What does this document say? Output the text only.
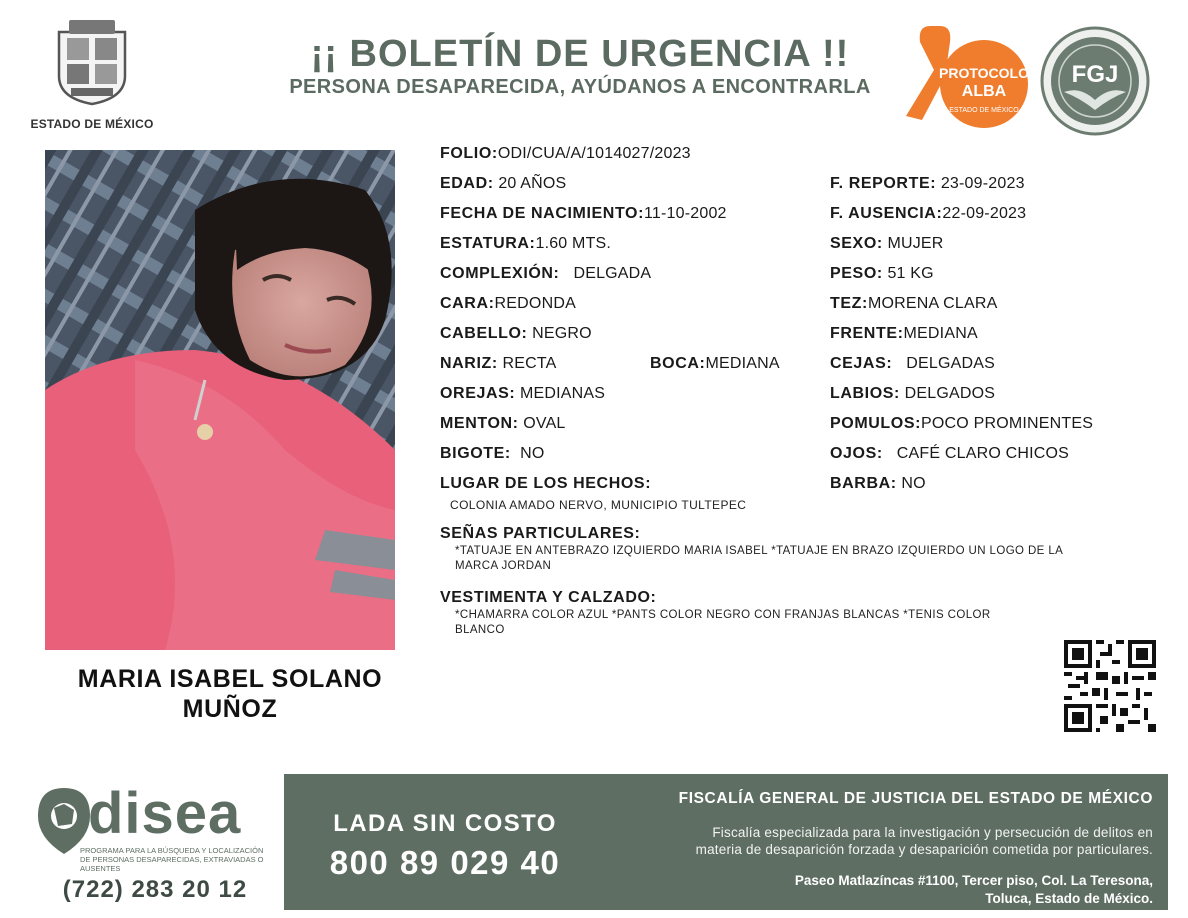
ESTADO DE MÉXICO
¡¡ BOLETÍN DE URGENCIA !!
PERSONA DESAPARECIDA, AYÚDANOS A ENCONTRARLA
PROTOCOLO
ALBA
ESTADO DE MÉXICO
FGJ
MARIA ISABEL SOLANO MUÑOZ
FOLIO:ODI/CUA/A/1014027/2023
EDAD: 20 AÑOS
FECHA DE NACIMIENTO:11-10-2002
ESTATURA:1.60 MTS.
COMPLEXIÓN: DELGADA
CARA:REDONDA
CABELLO: NEGRO
NARIZ: RECTA	BOCA:MEDIANA
OREJAS: MEDIANAS
MENTON: OVAL
BIGOTE: NO
LUGAR DE LOS HECHOS:
COLONIA AMADO NERVO, MUNICIPIO TULTEPEC
F. REPORTE: 23-09-2023
F. AUSENCIA:22-09-2023
SEXO: MUJER
PESO: 51 KG
TEZ:MORENA CLARA
FRENTE:MEDIANA
CEJAS: DELGADAS
LABIOS: DELGADOS
POMULOS:POCO PROMINENTES
OJOS: CAFÉ CLARO CHICOS
BARBA: NO
SEÑAS PARTICULARES:
*TATUAJE EN ANTEBRAZO IZQUIERDO MARIA ISABEL *TATUAJE EN BRAZO IZQUIERDO UN LOGO DE LA
MARCA JORDAN
VESTIMENTA Y CALZADO:
*CHAMARRA COLOR AZUL *PANTS COLOR NEGRO CON FRANJAS BLANCAS *TENIS COLOR
BLANCO
disea
PROGRAMA PARA LA BÚSQUEDA Y LOCALIZACIÓN DE PERSONAS DESAPARECIDAS, EXTRAVIADAS O AUSENTES
(722) 283 20 12
LADA SIN COSTO
800 89 029 40
FISCALÍA GENERAL DE JUSTICIA DEL ESTADO DE MÉXICO
Fiscalía especializada para la investigación y persecución de delitos en
materia de desaparición forzada y desaparición cometida por particulares.
Paseo Matlazíncas #1100, Tercer piso, Col. La Teresona,
Toluca, Estado de México.
